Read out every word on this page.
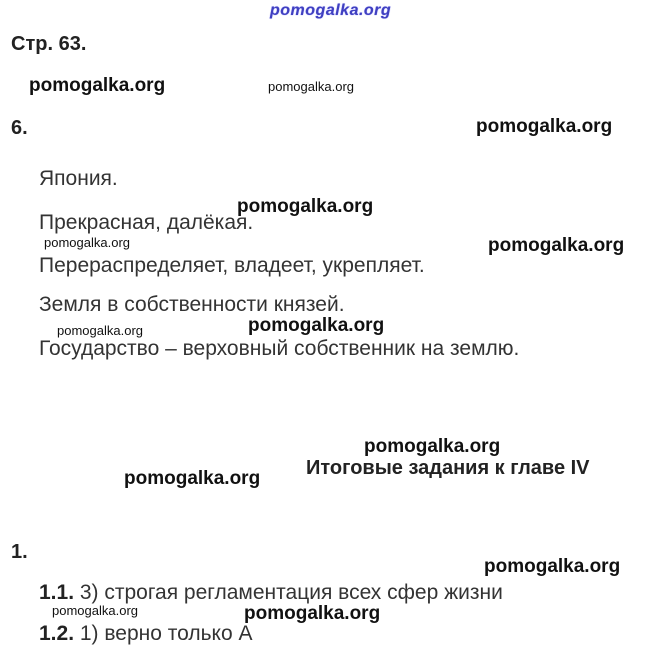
pomogalka.org
Стр. 63.
pomogalka.org	pomogalka.org
pomogalka.org
pomogalka.org
pomogalka.org	pomogalka.org
pomogalka.org	pomogalka.org
pomogalka.org
pomogalka.org
pomogalka.org
pomogalka.org	pomogalka.org
6.
Япония.
Прекрасная, далёкая.
Перераспределяет, владеет, укрепляет.
Земля в собственности князей.
Государство – верховный собственник на землю.
Итоговые задания к главе IV
1.
1.1. 3) строгая регламентация всех сфер жизни
1.2. 1) верно только А
